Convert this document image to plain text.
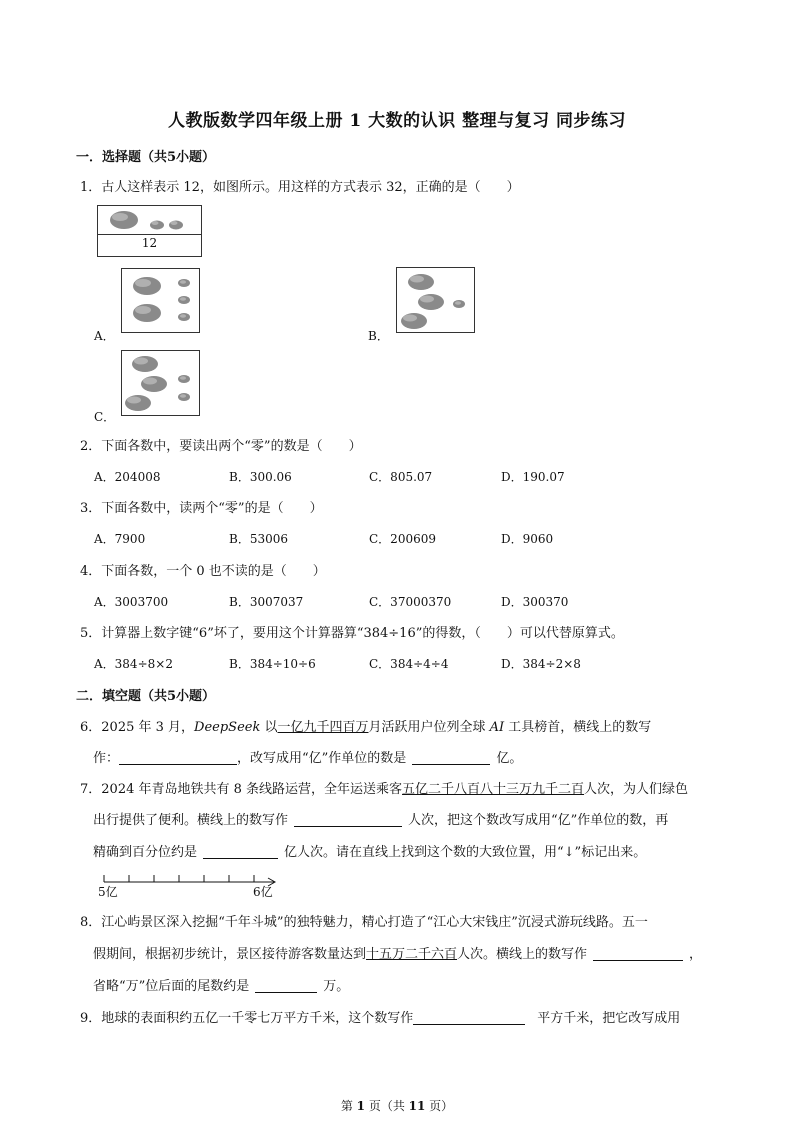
人教版数学四年级上册 1 大数的认识 整理与复习 同步练习
一．选择题（共5小题）
1．古人这样表示 12，如图所示。用这样的方式表示 32，正确的是（　　）
12
A．	B．
C．
2．下面各数中，要读出两个“零”的数是（　　）
A．204008	B．300.06	C．805.07	D．190.07
3．下面各数中，读两个“零”的是（　　）
A．7900	B．53006	C．200609	D．9060
4．下面各数，一个 0 也不读的是（　　）
A．3003700	B．3007037	C．37000370	D．300370
5．计算器上数字键“6”坏了，要用这个计算器算“384÷16”的得数，（　　）可以代替原算式。
A．384÷8×2	B．384÷10÷6	C．384÷4÷4	D．384÷2×8
二．填空题（共5小题）
6．2025 年 3 月，DeepSeek 以一亿九千四百万月活跃用户位列全球 AI 工具榜首，横线上的数写
作：	，改写成用“亿”作单位的数是	亿。
7．2024 年青岛地铁共有 8 条线路运营，全年运送乘客五亿二千八百八十三万九千二百人次，为人们绿色
出行提供了便利。横线上的数写作	人次，把这个数改写成用“亿”作单位的数，再
精确到百分位约是	亿人次。请在直线上找到这个数的大致位置，用“↓”标记出来。
5亿	6亿
8．江心屿景区深入挖掘“千年斗城”的独特魅力，精心打造了“江心大宋钱庄”沉浸式游玩线路。五一
假期间，根据初步统计，景区接待游客数量达到十五万二千六百人次。横线上的数写作	，
省略“万”位后面的尾数约是	万。
9．地球的表面积约五亿一千零七万平方千米，这个数写作	平方千米，把它改写成用
第 1 页（共 11 页）
